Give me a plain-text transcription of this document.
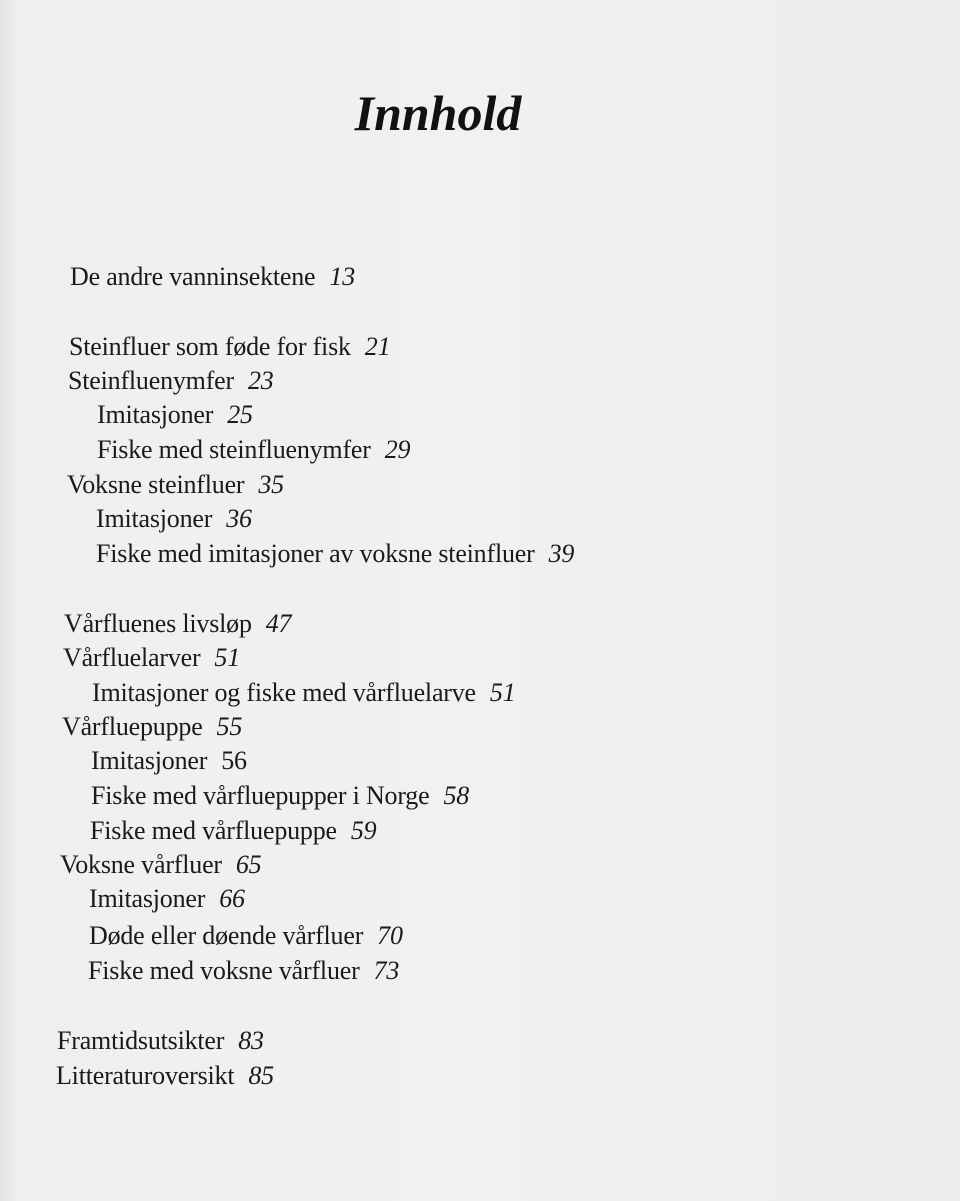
Innhold
De andre vanninsektene 13
Steinfluer som føde for fisk 21
Steinfluenymfer 23
Imitasjoner 25
Fiske med steinfluenymfer 29
Voksne steinfluer 35
Imitasjoner 36
Fiske med imitasjoner av voksne steinfluer 39
Vårfluenes livsløp 47
Vårfluelarver 51
Imitasjoner og fiske med vårfluelarve 51
Vårfluepuppe 55
Imitasjoner 56
Fiske med vårfluepupper i Norge 58
Fiske med vårfluepuppe 59
Voksne vårfluer 65
Imitasjoner 66
Døde eller døende vårfluer 70
Fiske med voksne vårfluer 73
Framtidsutsikter 83
Litteraturoversikt 85
